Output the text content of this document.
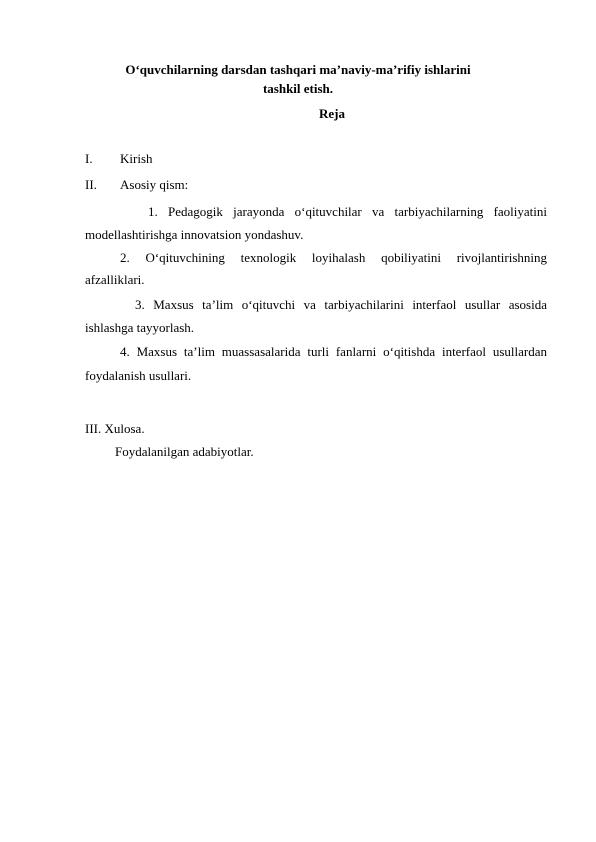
O‘quvchilarning darsdan tashqari ma’naviy-ma’rifiy ishlarini
tashkil etish.
Reja
I. Kirish
II. Asosiy qism:
1. Pedagogik jarayonda o‘qituvchilar va tarbiyachilarning faoliyatini
modellashtirishga innovatsion yondashuv.
2. O‘qituvchining texnologik loyihalash qobiliyatini rivojlantirishning
afzalliklari.
3. Maxsus ta’lim o‘qituvchi va tarbiyachilarini interfaol usullar asosida
ishlashga tayyorlash.
4. Maxsus ta’lim muassasalarida turli fanlarni o‘qitishda interfaol usullardan
foydalanish usullari.
III. Xulosa.
Foydalanilgan adabiyotlar.
